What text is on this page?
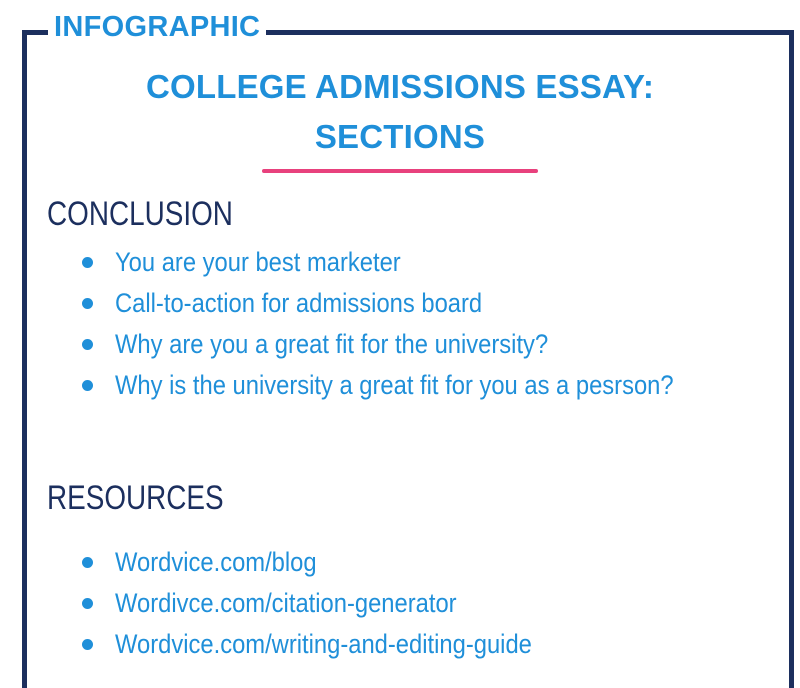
INFOGRAPHIC
COLLEGE ADMISSIONS ESSAY:
SECTIONS
CONCLUSION
You are your best marketer
Call-to-action for admissions board
Why are you a great fit for the university?
Why is the university a great fit for you as a pesrson?
RESOURCES
Wordvice.com/blog
Wordivce.com/citation-generator
Wordvice.com/writing-and-editing-guide
